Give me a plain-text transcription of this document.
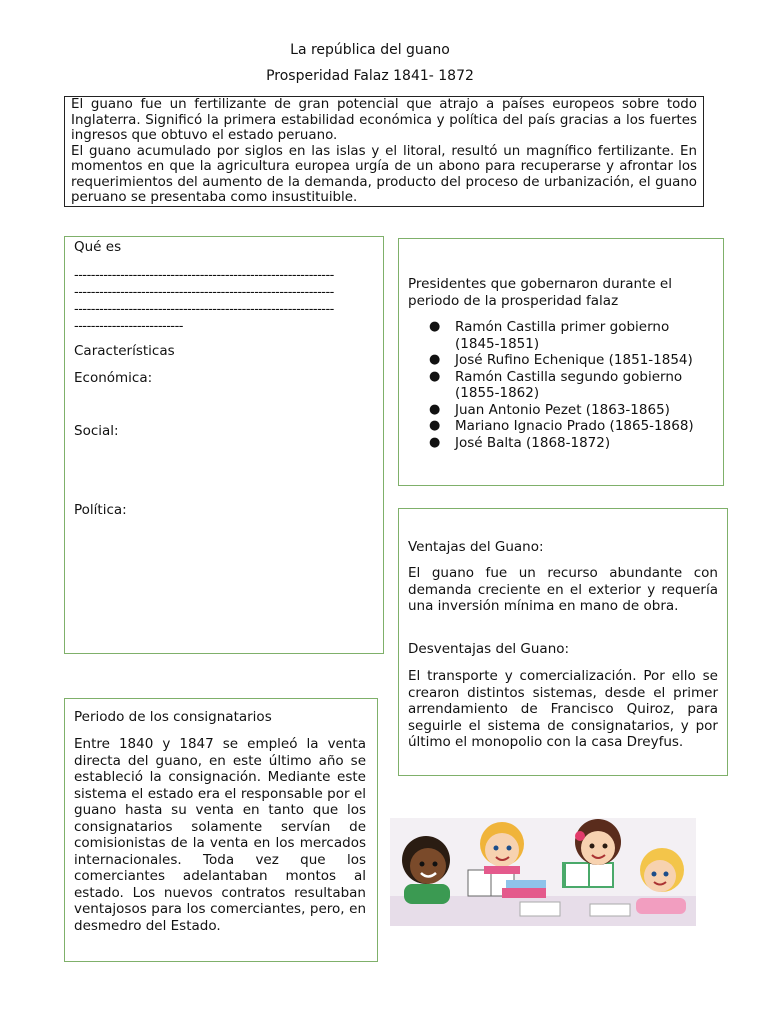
La república del guano
Prosperidad Falaz 1841- 1872

El guano fue un fertilizante de gran potencial que atrajo a países europeos sobre todo Inglaterra. Significó la primera estabilidad económica y política del país gracias a los fuertes ingresos que obtuvo el estado peruano.

El guano acumulado por siglos en las islas y el litoral, resultó un magnífico fertilizante. En momentos en que la agricultura europea urgía de un abono para recuperarse y afrontar los requerimientos del aumento de la demanda, producto del proceso de urbanización, el guano peruano se presentaba como insustituible.

Qué es
--------------------------------------------------------------
--------------------------------------------------------------
--------------------------------------------------------------
--------------------------
Características
Económica:
Social:
Política:
Presidentes que gobernaron durante el periodo de la prosperidad falaz
● Ramón Castilla primer gobierno (1845-1851)
● José Rufino Echenique (1851-1854)
● Ramón Castilla segundo gobierno (1855-1862)
● Juan Antonio Pezet (1863-1865)
● Mariano Ignacio Prado (1865-1868)
● José Balta (1868-1872)
Ventajas del Guano:
El guano fue un recurso abundante con demanda creciente en el exterior y requería una inversión mínima en mano de obra.
Desventajas del Guano:
El transporte y comercialización. Por ello se crearon distintos sistemas, desde el primer arrendamiento de Francisco Quiroz, para seguirle el sistema de consignatarios, y por último el monopolio con la casa Dreyfus.
Periodo de los consignatarios
Entre 1840 y 1847 se empleó la venta directa del guano, en este último año se estableció la consignación. Mediante este sistema el estado era el responsable por el guano hasta su venta en tanto que los consignatarios solamente servían de comisionistas de la venta en los mercados internacionales. Toda vez que los comerciantes adelantaban montos al estado. Los nuevos contratos resultaban ventajosos para los comerciantes, pero, en desmedro del Estado.
